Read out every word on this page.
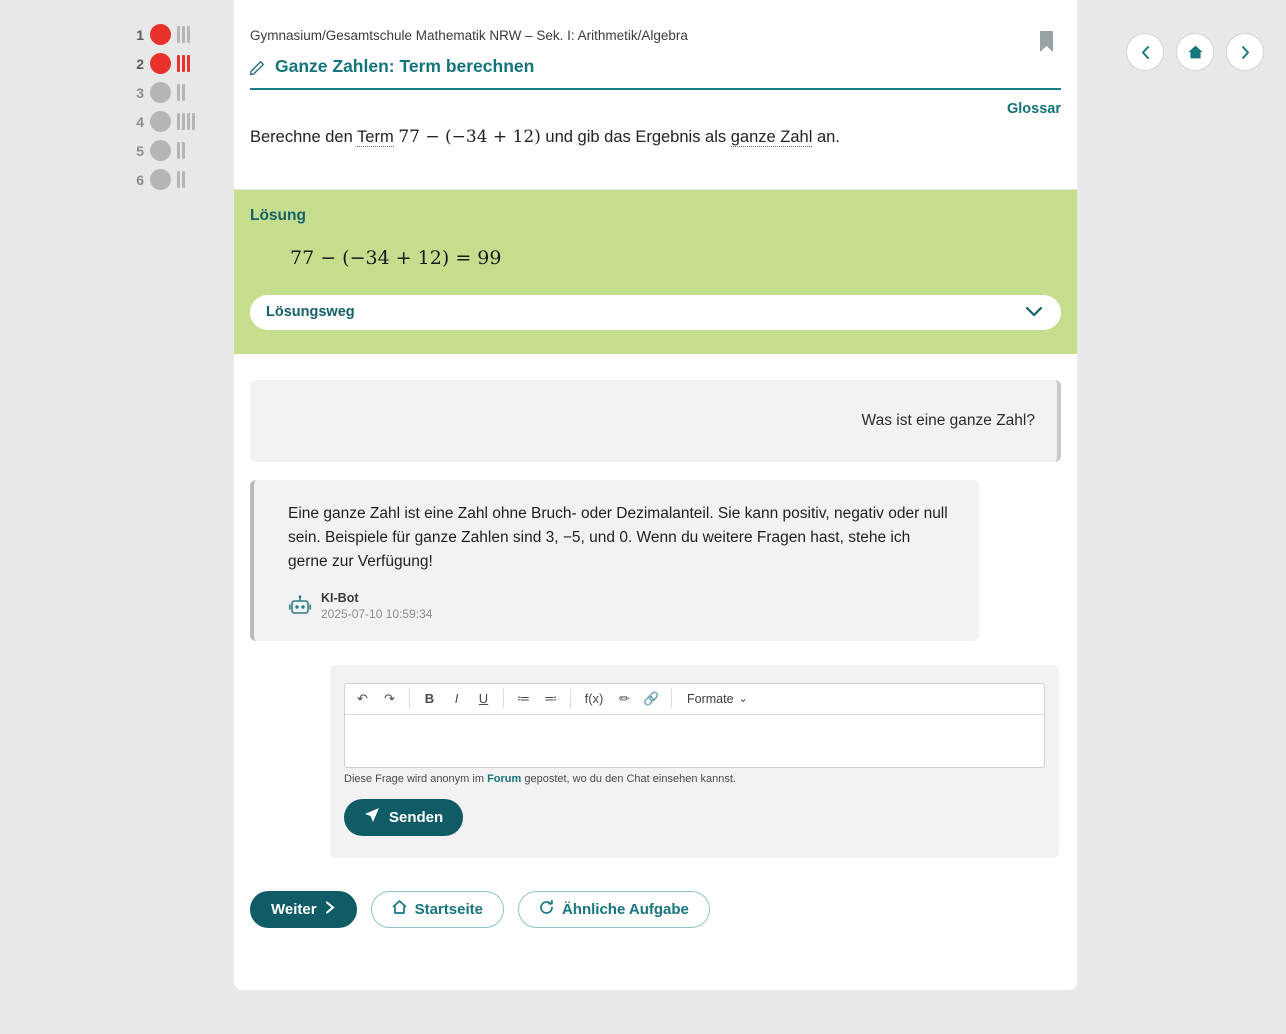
1
2
3
4
5
6
Gymnasium/Gesamtschule Mathematik NRW – Sek. I: Arithmetik/Algebra
Ganze Zahlen: Term berechnen
Glossar
Berechne den Term 77 − (−34 + 12) und gib das Ergebnis als ganze Zahl an.
Lösung
77 − (−34 + 12) = 99
Lösungsweg
Was ist eine ganze Zahl?
Eine ganze Zahl ist eine Zahl ohne Bruch- oder Dezimalanteil. Sie kann positiv, negativ oder null sein. Beispiele für ganze Zahlen sind 3, −5, und 0. Wenn du weitere Fragen hast, stehe ich gerne zur Verfügung!
KI-Bot
2025-07-10 10:59:34
↶	↷	B	I	U	≔	≕	f(x)	✏	🔗	Formate ⌄
Diese Frage wird anonym im Forum gepostet, wo du den Chat einsehen kannst.
Senden
Weiter	Startseite	Ähnliche Aufgabe
